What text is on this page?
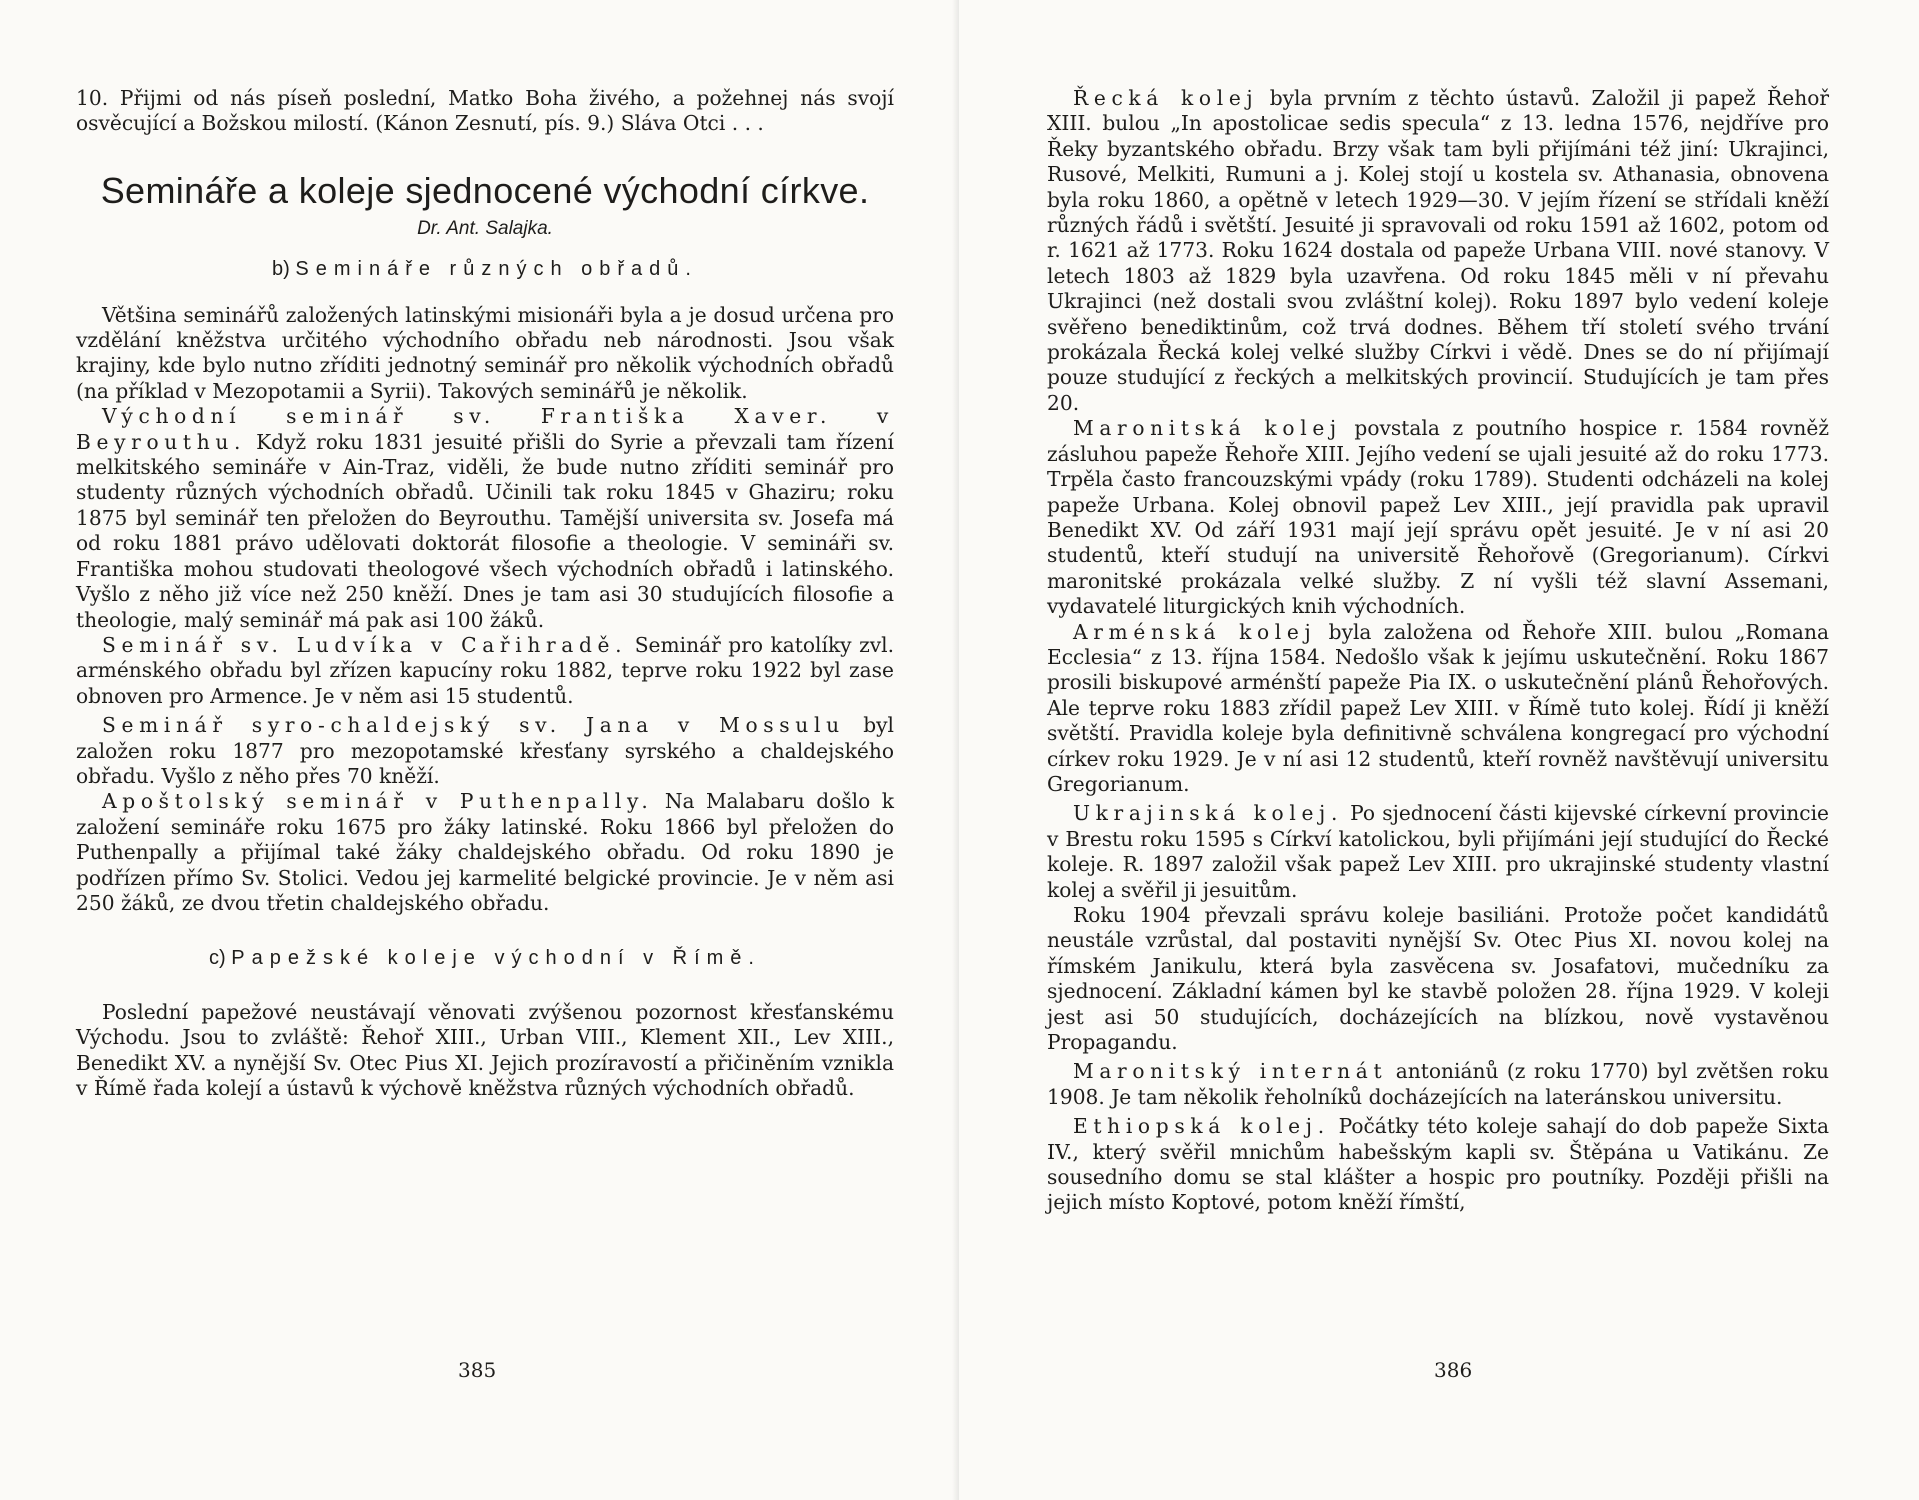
10. Přijmi od nás píseň poslední, Matko Boha živého, a požehnej nás svojí osvěcující a Božskou milostí. (Kánon Zesnutí, pís. 9.) Sláva Otci . . .

Semináře a koleje sjednocené východní církve.
Dr. Ant. Salajka.
b) Semináře různých obřadů.

Většina seminářů založených latinskými misionáři byla a je dosud určena pro vzdělání kněžstva určitého východního obřadu neb národnosti. Jsou však krajiny, kde bylo nutno zříditi jednotný seminář pro několik východních obřadů (na příklad v Mezopotamii a Syrii). Takových seminářů je několik.

Východní seminář sv. Františka Xaver. v Beyrouthu. Když roku 1831 jesuité přišli do Syrie a převzali tam řízení melkitského semináře v Ain-Traz, viděli, že bude nutno zříditi seminář pro studenty různých východních obřadů. Učinili tak roku 1845 v Ghaziru; roku 1875 byl seminář ten přeložen do Beyrouthu. Tamější universita sv. Josefa má od roku 1881 právo udělovati doktorát filosofie a theologie. V semináři sv. Františka mohou studovati theologové všech východních obřadů i latinského. Vyšlo z něho již více než 250 kněží. Dnes je tam asi 30 studujících filosofie a theologie, malý seminář má pak asi 100 žáků.

Seminář sv. Ludvíka v Cařihradě. Seminář pro katolíky zvl. arménského obřadu byl zřízen kapucíny roku 1882, teprve roku 1922 byl zase obnoven pro Armence. Je v něm asi 15 studentů.

Seminář syro-chaldejský sv. Jana v Mossulu byl založen roku 1877 pro mezopotamské křesťany syrského a chaldejského obřadu. Vyšlo z něho přes 70 kněží.

Apoštolský seminář v Puthenpally. Na Malabaru došlo k založení semináře roku 1675 pro žáky latinské. Roku 1866 byl přeložen do Puthenpally a přijímal také žáky chaldejského obřadu. Od roku 1890 je podřízen přímo Sv. Stolici. Vedou jej karmelité belgické provincie. Je v něm asi 250 žáků, ze dvou třetin chaldejského obřadu.

c) Papežské koleje východní v Římě.

Poslední papežové neustávají věnovati zvýšenou pozornost křesťanskému Východu. Jsou to zvláště: Řehoř XIII., Urban VIII., Klement XII., Lev XIII., Benedikt XV. a nynější Sv. Otec Pius XI. Jejich prozíravostí a přičiněním vznikla v Římě řada kolejí a ústavů k výchově kněžstva různých východních obřadů.

385

Řecká kolej byla prvním z těchto ústavů. Založil ji papež Řehoř XIII. bulou „In apostolicae sedis specula“ z 13. ledna 1576, nejdříve pro Řeky byzantského obřadu. Brzy však tam byli přijímáni též jiní: Ukrajinci, Rusové, Melkiti, Rumuni a j. Kolej stojí u kostela sv. Athanasia, obnovena byla roku 1860, a opětně v letech 1929—30. V jejím řízení se střídali kněží různých řádů i světští. Jesuité ji spravovali od roku 1591 až 1602, potom od r. 1621 až 1773. Roku 1624 dostala od papeže Urbana VIII. nové stanovy. V letech 1803 až 1829 byla uzavřena. Od roku 1845 měli v ní převahu Ukrajinci (než dostali svou zvláštní kolej). Roku 1897 bylo vedení koleje svěřeno benediktinům, což trvá dodnes. Během tří století svého trvání prokázala Řecká kolej velké služby Církvi i vědě. Dnes se do ní přijímají pouze studující z řeckých a melkitských provincií. Studujících je tam přes 20.

Maronitská kolej povstala z poutního hospice r. 1584 rovněž zásluhou papeže Řehoře XIII. Jejího vedení se ujali jesuité až do roku 1773. Trpěla často francouzskými vpády (roku 1789). Studenti odcházeli na kolej papeže Urbana. Kolej obnovil papež Lev XIII., její pravidla pak upravil Benedikt XV. Od září 1931 mají její správu opět jesuité. Je v ní asi 20 studentů, kteří studují na universitě Řehořově (Gregorianum). Církvi maronitské prokázala velké služby. Z ní vyšli též slavní Assemani, vydavatelé liturgických knih východních.

Arménská kolej byla založena od Řehoře XIII. bulou „Romana Ecclesia“ z 13. října 1584. Nedošlo však k jejímu uskutečnění. Roku 1867 prosili biskupové arménští papeže Pia IX. o uskutečnění plánů Řehořových. Ale teprve roku 1883 zřídil papež Lev XIII. v Římě tuto kolej. Řídí ji kněží světští. Pravidla koleje byla definitivně schválena kongregací pro východní církev roku 1929. Je v ní asi 12 studentů, kteří rovněž navštěvují universitu Gregorianum.

Ukrajinská kolej. Po sjednocení části kijevské církevní provincie v Brestu roku 1595 s Církví katolickou, byli přijímáni její studující do Řecké koleje. R. 1897 založil však papež Lev XIII. pro ukrajinské studenty vlastní kolej a svěřil ji jesuitům.

Roku 1904 převzali správu koleje basiliáni. Protože počet kandidátů neustále vzrůstal, dal postaviti nynější Sv. Otec Pius XI. novou kolej na římském Janikulu, která byla zasvěcena sv. Josafatovi, mučedníku za sjednocení. Základní kámen byl ke stavbě položen 28. října 1929. V koleji jest asi 50 studujících, docházejících na blízkou, nově vystavěnou Propagandu.

Maronitský internát antoniánů (z roku 1770) byl zvětšen roku 1908. Je tam několik řeholníků docházejících na lateránskou universitu.

Ethiopská kolej. Počátky této koleje sahají do dob papeže Sixta IV., který svěřil mnichům habešským kapli sv. Štěpána u Vatikánu. Ze sousedního domu se stal klášter a hospic pro poutníky. Později přišli na jejich místo Koptové, potom kněží římští,

386
